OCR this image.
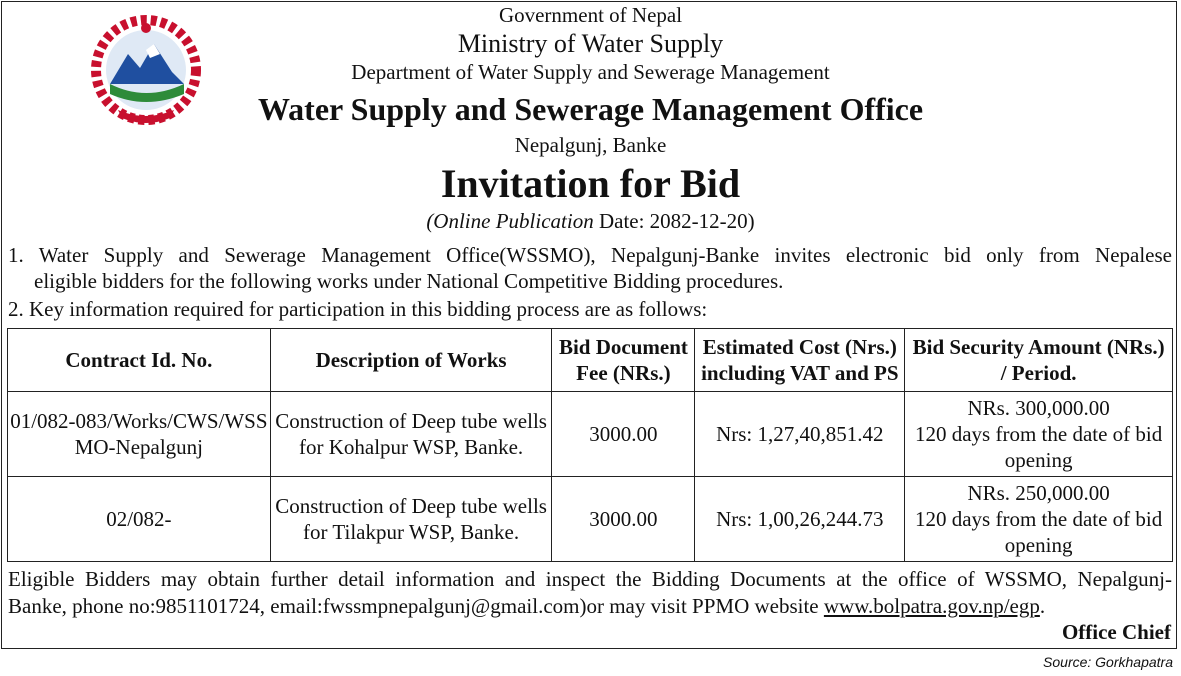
Government of Nepal
Ministry of Water Supply
Department of Water Supply and Sewerage Management
Water Supply and Sewerage Management Office
Nepalgunj, Banke
Invitation for Bid
(Online Publication Date: 2082-12-20)
1. Water Supply and Sewerage Management Office(WSSMO), Nepalgunj-Banke invites electronic bid only from Nepalese
eligible bidders for the following works under National Competitive Bidding procedures.
2. Key information required for participation in this bidding process are as follows:
Contract Id. No.	Description of Works	Bid Document Fee (NRs.)	Estimated Cost (Nrs.) including VAT and PS	Bid Security Amount (NRs.) / Period.
01/082-083/Works/CWS/WSSMO-Nepalgunj	Construction of Deep tube wells for Kohalpur WSP, Banke.	3000.00	Nrs: 1,27,40,851.42	NRs. 300,000.00
120 days from the date of bid opening

02/082-	Construction of Deep tube wells for Tilakpur WSP, Banke.	3000.00	Nrs: 1,00,26,244.73	NRs. 250,000.00
120 days from the date of bid opening
Eligible Bidders may obtain further detail information and inspect the Bidding Documents at the office of WSSMO, Nepalgunj-
Banke, phone no:9851101724, email:fwssmpnepalgunj@gmail.com)or may visit PPMO website www.bolpatra.gov.np/egp.
Office Chief
Source: Gorkhapatra
